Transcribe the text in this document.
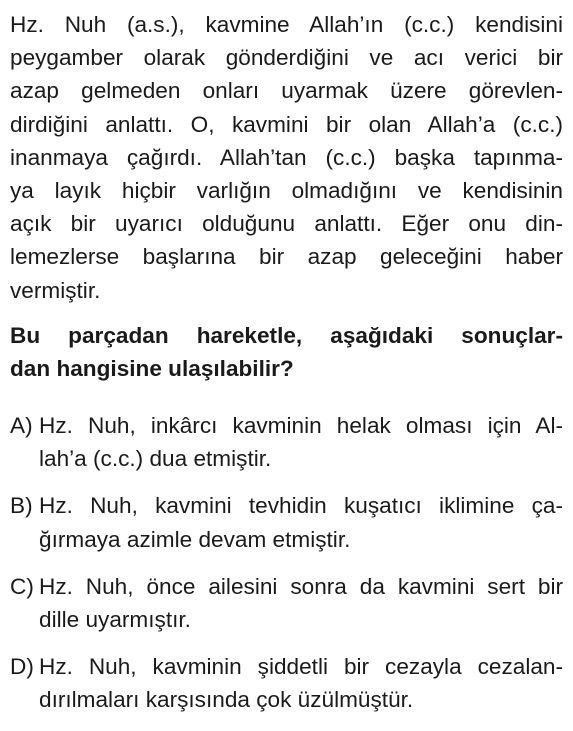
Hz. Nuh (a.s.), kavmine Allah’ın (c.c.) kendisini
peygamber olarak gönderdiğini ve acı verici bir
azap gelmeden onları uyarmak üzere görevlen-
dirdiğini anlattı. O, kavmini bir olan Allah’a (c.c.)
inanmaya çağırdı. Allah’tan (c.c.) başka tapınma-
ya layık hiçbir varlığın olmadığını ve kendisinin
açık bir uyarıcı olduğunu anlattı. Eğer onu din-
lemezlerse başlarına bir azap geleceğini haber
vermiştir.
Bu parçadan hareketle, aşağıdaki sonuçlar-
dan hangisine ulaşılabilir?
A) Hz. Nuh, inkârcı kavminin helak olması için Al-
lah’a (c.c.) dua etmiştir.
B) Hz. Nuh, kavmini tevhidin kuşatıcı iklimine ça-
ğırmaya azimle devam etmiştir.
C) Hz. Nuh, önce ailesini sonra da kavmini sert bir
dille uyarmıştır.
D) Hz. Nuh, kavminin şiddetli bir cezayla cezalan-
dırılmaları karşısında çok üzülmüştür.
